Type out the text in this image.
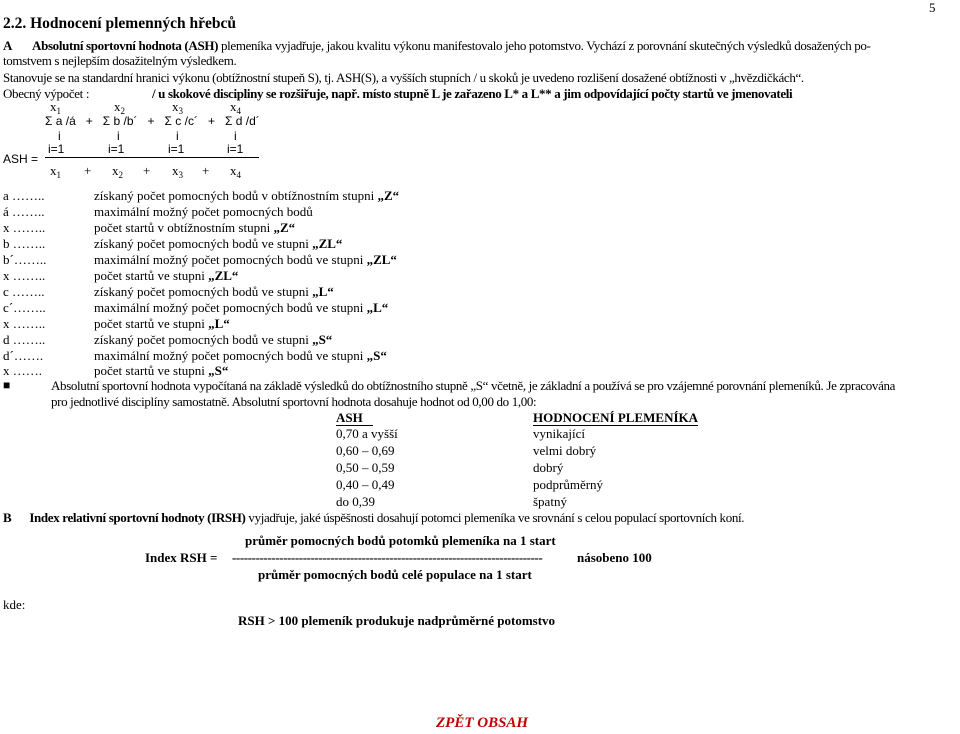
5
2.2. Hodnocení plemenných hřebců
A Absolutní sportovní hodnota (ASH) plemeníka vyjadřuje, jakou kvalitu výkonu manifestovalo jeho potomstvo. Vychází z porovnání skutečných výsledků dosažených po-
tomstvem s nejlepším dosažitelným výsledkem.
Stanovuje se na standardní hranici výkonu (obtížnostní stupeň S), tj. ASH(S), a vyšších stupních / u skoků je uvedeno rozlišení dosažené obtížnosti v „hvězdičkách“.
Obecný výpočet :	/ u skokové discipliny se rozšiřuje, např. místo stupně L je zařazeno L* a L** a jim odpovídající počty startů ve jmenovateli
$x_1$	$x_2$	$x_3$	$x_4$
Σ a /á   +   Σ b /b´   +   Σ c /c´   +   Σ d /d´
i	i	i	i
i=1	i=1	i=1	i=1
ASH =
$x_1 + x_2 + x_3 + x_4$
a ……..	získaný počet pomocných bodů v obtížnostním stupni „Z“
á ……..	maximální možný počet pomocných bodů
x ……..	počet startů v obtížnostním stupni „Z“
b ……..	získaný počet pomocných bodů ve stupni „ZL“
b´……..	maximální možný počet pomocných bodů ve stupni „ZL“
x ……..	počet startů ve stupni „ZL“
c ……..	získaný počet pomocných bodů ve stupni „L“
c´……..	maximální možný počet pomocných bodů ve stupni „L“
x ……..	počet startů ve stupni „L“
d ……..	získaný počet pomocných bodů ve stupni „S“
d´…….	maximální možný počet pomocných bodů ve stupni „S“
x …….	počet startů ve stupni „S“
■	Absolutní sportovní hodnota vypočítaná na základě výsledků do obtížnostního stupně „S“ včetně, je základní a používá se pro vzájemné porovnání plemeníků. Je zpracována
pro jednotlivé disciplíny samostatně. Absolutní sportovní hodnota dosahuje hodnot od 0,00 do 1,00:
ASH	HODNOCENÍ PLEMENÍKA
0,70 a vyšší	vynikající
0,60 – 0,69	velmi dobrý
0,50 – 0,59	dobrý
0,40 – 0,49	podprůměrný
do 0,39	špatný
B Index relativní sportovní hodnoty (IRSH) vyjadřuje, jaké úspěšnosti dosahují potomci plemeníka ve srovnání s celou populací sportovních koní.
průměr pomocných bodů potomků plemeníka na 1 start
Index RSH = -------------------------------------------------------------------------------	násobeno 100
průměr pomocných bodů celé populace na 1 start
kde:
RSH > 100 plemeník produkuje nadprůměrné potomstvo
ZPĚT OBSAH
